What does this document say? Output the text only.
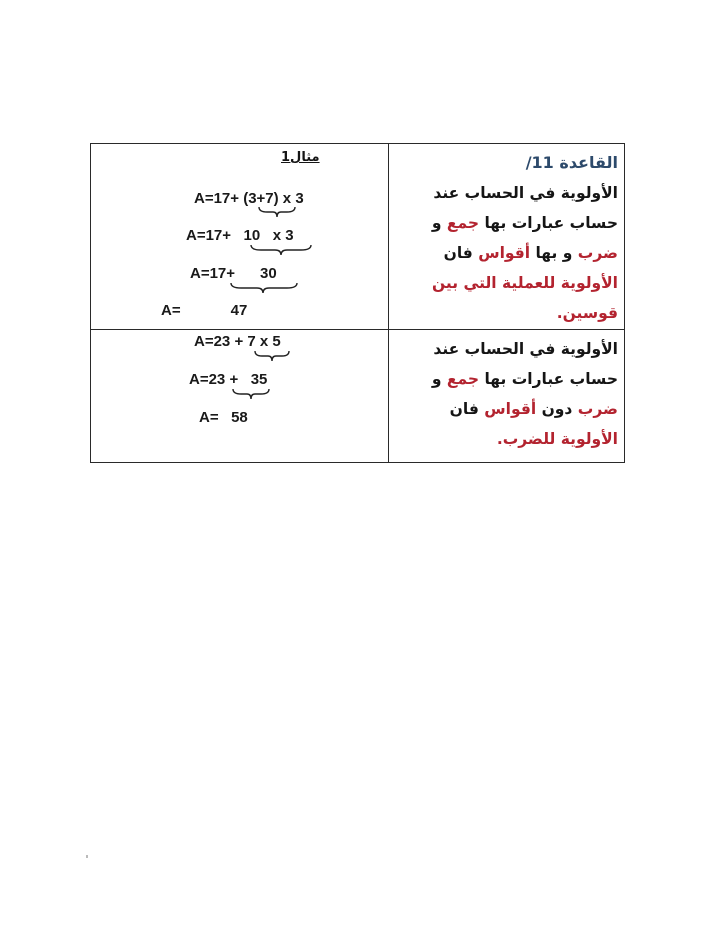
القاعدة 11/
الأولوية في الحساب عند
حساب عبارات بها جمع و
ضرب و بها أقواس فان
الأولوية للعملية التي بين
قوسين.
مثال1
A=17+ (3+7) x 3
A=17+   10   x 3
A=17+      30
A=            47
الأولوية في الحساب عند
حساب عبارات بها جمع و
ضرب دون أقواس فان
الأولوية للضرب.
A=23 + 7 x 5
A=23 +   35
A=   58
